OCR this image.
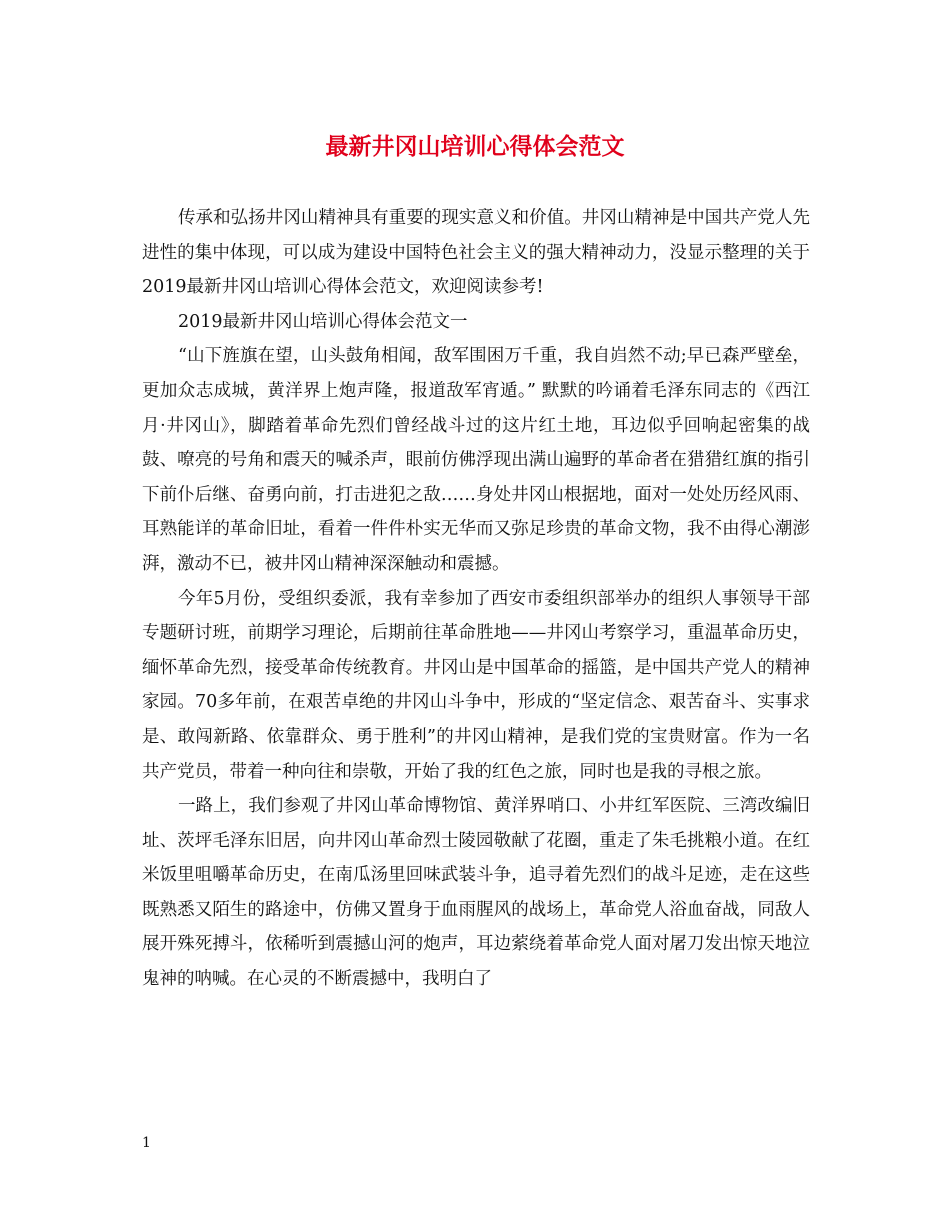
最新井冈山培训心得体会范文

传承和弘扬井冈山精神具有重要的现实意义和价值。井冈山精神是中国共产党人先进性的集中体现，可以成为建设中国特色社会主义的强大精神动力，没显示整理的关于2019最新井冈山培训心得体会范文，欢迎阅读参考!

2019最新井冈山培训心得体会范文一

“山下旌旗在望，山头鼓角相闻，敌军围困万千重，我自岿然不动;早已森严壁垒，更加众志成城，黄洋界上炮声隆，报道敌军宵遁。” 默默的吟诵着毛泽东同志的《西江月·井冈山》，脚踏着革命先烈们曾经战斗过的这片红土地，耳边似乎回响起密集的战鼓、嘹亮的号角和震天的喊杀声，眼前仿佛浮现出满山遍野的革命者在猎猎红旗的指引下前仆后继、奋勇向前，打击进犯之敌……身处井冈山根据地，面对一处处历经风雨、耳熟能详的革命旧址，看着一件件朴实无华而又弥足珍贵的革命文物，我不由得心潮澎湃，激动不已，被井冈山精神深深触动和震撼。

今年5月份，受组织委派，我有幸参加了西安市委组织部举办的组织人事领导干部专题研讨班，前期学习理论，后期前往革命胜地——井冈山考察学习，重温革命历史，缅怀革命先烈，接受革命传统教育。井冈山是中国革命的摇篮，是中国共产党人的精神家园。70多年前，在艰苦卓绝的井冈山斗争中，形成的“坚定信念、艰苦奋斗、实事求是、敢闯新路、依靠群众、勇于胜利”的井冈山精神，是我们党的宝贵财富。作为一名共产党员，带着一种向往和崇敬，开始了我的红色之旅，同时也是我的寻根之旅。

一路上，我们参观了井冈山革命博物馆、黄洋界哨口、小井红军医院、三湾改编旧址、茨坪毛泽东旧居，向井冈山革命烈士陵园敬献了花圈，重走了朱毛挑粮小道。在红米饭里咀嚼革命历史，在南瓜汤里回味武装斗争，追寻着先烈们的战斗足迹，走在这些既熟悉又陌生的路途中，仿佛又置身于血雨腥风的战场上，革命党人浴血奋战，同敌人展开殊死搏斗，依稀听到震撼山河的炮声，耳边萦绕着革命党人面对屠刀发出惊天地泣鬼神的呐喊。在心灵的不断震撼中，我明白了

1
